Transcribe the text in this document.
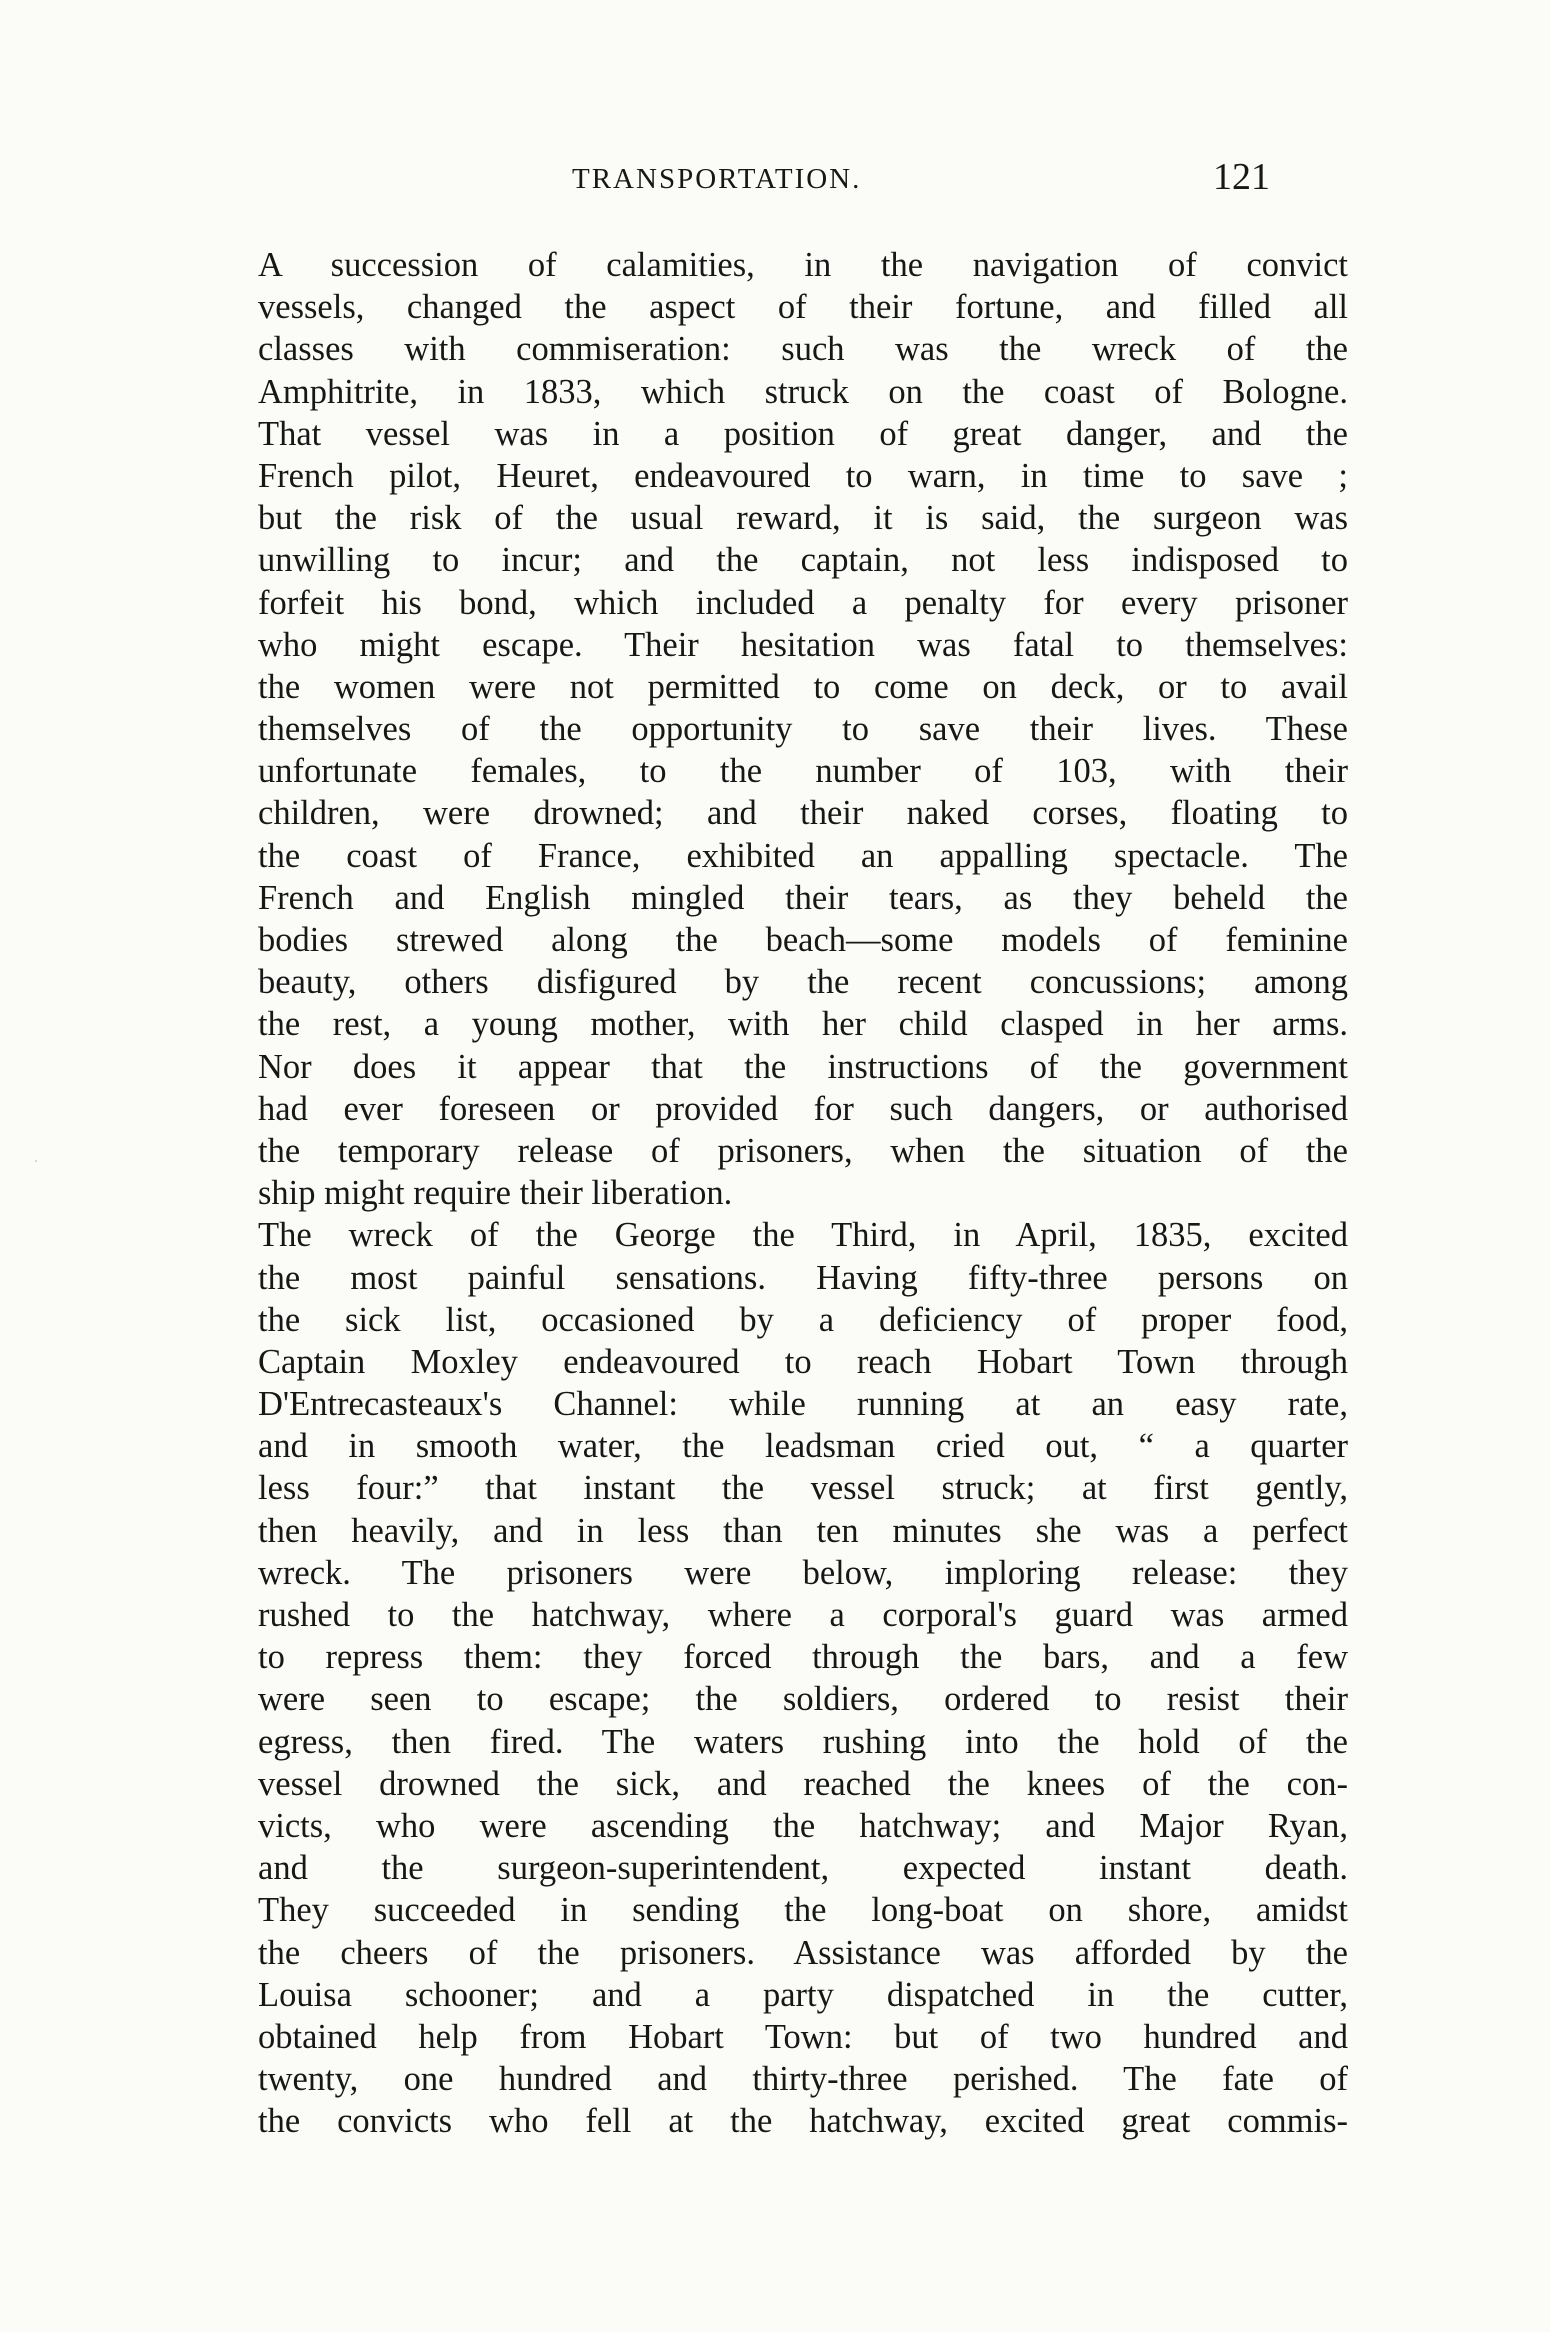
TRANSPORTATION.	121
A succession of calamities, in the navigation of convict
vessels, changed the aspect of their fortune, and filled all
classes with commiseration: such was the wreck of the
Amphitrite, in 1833, which struck on the coast of Bologne.
That vessel was in a position of great danger, and the
French pilot, Heuret, endeavoured to warn, in time to save ;
but the risk of the usual reward, it is said, the surgeon was
unwilling to incur; and the captain, not less indisposed to
forfeit his bond, which included a penalty for every prisoner
who might escape. Their hesitation was fatal to themselves:
the women were not permitted to come on deck, or to avail
themselves of the opportunity to save their lives. These
unfortunate females, to the number of 103, with their
children, were drowned; and their naked corses, floating to
the coast of France, exhibited an appalling spectacle. The
French and English mingled their tears, as they beheld the
bodies strewed along the beach—some models of feminine
beauty, others disfigured by the recent concussions; among
the rest, a young mother, with her child clasped in her arms.
Nor does it appear that the instructions of the government
had ever foreseen or provided for such dangers, or authorised
the temporary release of prisoners, when the situation of the
ship might require their liberation.
The wreck of the George the Third, in April, 1835, excited
the most painful sensations. Having fifty-three persons on
the sick list, occasioned by a deficiency of proper food,
Captain Moxley endeavoured to reach Hobart Town through
D'Entrecasteaux's Channel: while running at an easy rate,
and in smooth water, the leadsman cried out, “ a quarter
less four:” that instant the vessel struck; at first gently,
then heavily, and in less than ten minutes she was a perfect
wreck. The prisoners were below, imploring release: they
rushed to the hatchway, where a corporal's guard was armed
to repress them: they forced through the bars, and a few
were seen to escape; the soldiers, ordered to resist their
egress, then fired. The waters rushing into the hold of the
vessel drowned the sick, and reached the knees of the con-
victs, who were ascending the hatchway; and Major Ryan,
and the surgeon-superintendent, expected instant death.
They succeeded in sending the long-boat on shore, amidst
the cheers of the prisoners. Assistance was afforded by the
Louisa schooner; and a party dispatched in the cutter,
obtained help from Hobart Town: but of two hundred and
twenty, one hundred and thirty-three perished. The fate of
the convicts who fell at the hatchway, excited great commis-
